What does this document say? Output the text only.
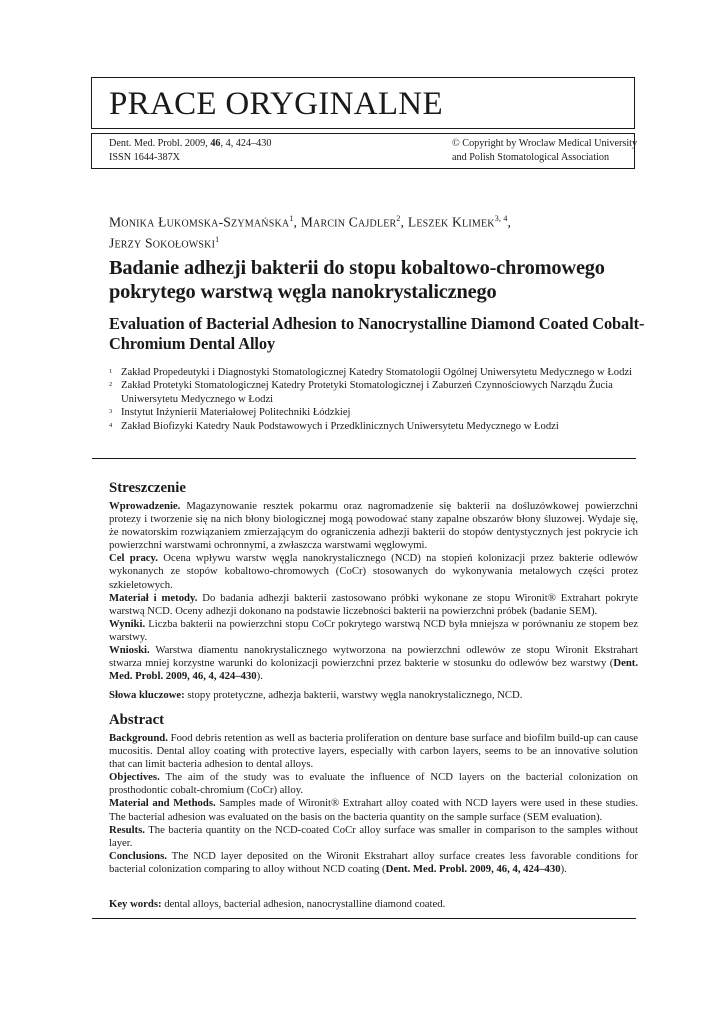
PRACE ORYGINALNE
Dent. Med. Probl. 2009, 46, 4, 424–430
ISSN 1644-387X
© Copyright by Wroclaw Medical University
and Polish Stomatological Association
Monika Łukomska-Szymańska$^1$, Marcin Cajdler$^2$, Leszek Klimek$^{3, 4}$,
Jerzy Sokołowski$^1$
Badanie adhezji bakterii do stopu kobaltowo-chromowego pokrytego warstwą węgla nanokrystalicznego
Evaluation of Bacterial Adhesion to Nanocrystalline Diamond Coated Cobalt-Chromium Dental Alloy

1 Zakład Propedeutyki i Diagnostyki Stomatologicznej Katedry Stomatologii Ogólnej Uniwersytetu Medycznego w Łodzi

2 Zakład Protetyki Stomatologicznej Katedry Protetyki Stomatologicznej i Zaburzeń Czynnościowych Narządu Żucia Uniwersytetu Medycznego w Łodzi

3 Instytut Inżynierii Materiałowej Politechniki Łódzkiej

4 Zakład Biofizyki Katedry Nauk Podstawowych i Przedklinicznych Uniwersytetu Medycznego w Łodzi

Streszczenie

Wprowadzenie. Magazynowanie resztek pokarmu oraz nagromadzenie się bakterii na dośluzówkowej powierzchni protezy i tworzenie się na nich błony biologicznej mogą powodować stany zapalne obszarów błony śluzowej. Wydaje się, że nowatorskim rozwiązaniem zmierzającym do ograniczenia adhezji bakterii do stopów dentystycznych jest pokrycie ich powierzchni warstwami ochronnymi, a zwłaszcza warstwami węglowymi.

Cel pracy. Ocena wpływu warstw węgla nanokrystalicznego (NCD) na stopień kolonizacji przez bakterie odlewów wykonanych ze stopów kobaltowo-chromowych (CoCr) stosowanych do wykonywania metalowych części protez szkieletowych.

Materiał i metody. Do badania adhezji bakterii zastosowano próbki wykonane ze stopu Wironit® Extrahart pokryte warstwą NCD. Oceny adhezji dokonano na podstawie liczebności bakterii na powierzchni próbek (badanie SEM).

Wyniki. Liczba bakterii na powierzchni stopu CoCr pokrytego warstwą NCD była mniejsza w porównaniu ze stopem bez warstwy.

Wnioski. Warstwa diamentu nanokrystalicznego wytworzona na powierzchni odlewów ze stopu Wironit Ekstrahart stwarza mniej korzystne warunki do kolonizacji powierzchni przez bakterie w stosunku do odlewów bez warstwy (Dent. Med. Probl. 2009, 46, 4, 424–430).

Słowa kluczowe: stopy protetyczne, adhezja bakterii, warstwy węgla nanokrystalicznego, NCD.

Abstract

Background. Food debris retention as well as bacteria proliferation on denture base surface and biofilm build-up can cause mucositis. Dental alloy coating with protective layers, especially with carbon layers, seems to be an innovative solution that can limit bacteria adhesion to dental alloys.

Objectives. The aim of the study was to evaluate the influence of NCD layers on the bacterial colonization on prosthodontic cobalt-chromium (CoCr) alloy.

Material and Methods. Samples made of Wironit® Extrahart alloy coated with NCD layers were used in these studies. The bacterial adhesion was evaluated on the basis on the bacteria quantity on the sample surface (SEM evaluation).

Results. The bacteria quantity on the NCD-coated CoCr alloy surface was smaller in comparison to the samples without layer.

Conclusions. The NCD layer deposited on the Wironit Ekstrahart alloy surface creates less favorable conditions for bacterial colonization comparing to alloy without NCD coating (Dent. Med. Probl. 2009, 46, 4, 424–430).

Key words: dental alloys, bacterial adhesion, nanocrystalline diamond coated.
